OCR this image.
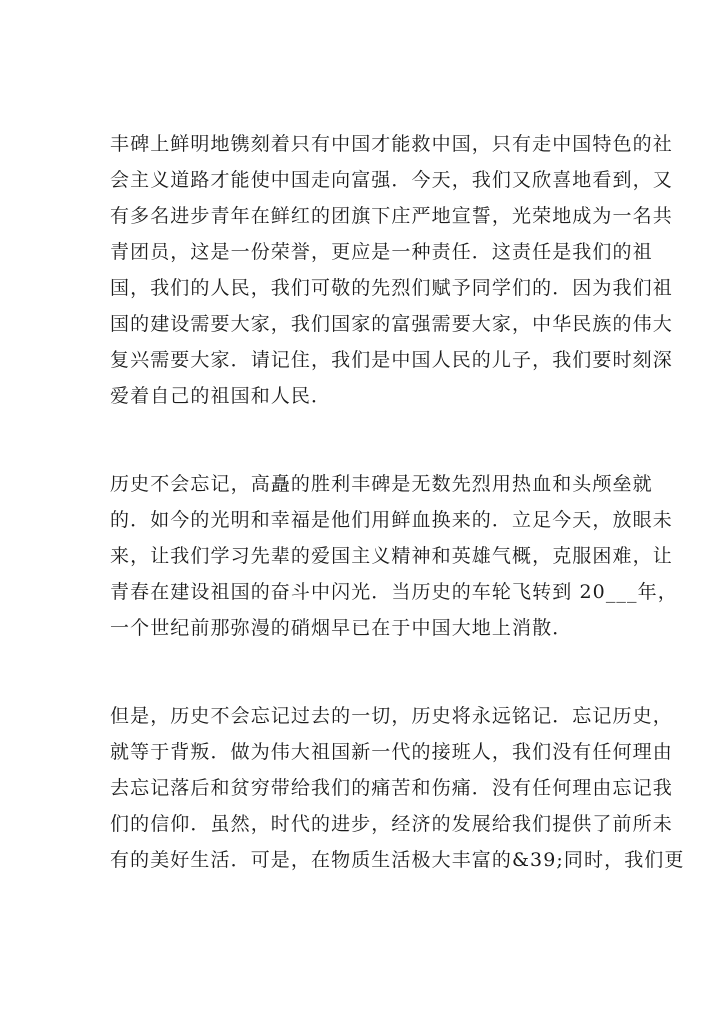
丰碑上鲜明地镌刻着只有中国才能救中国，只有走中国特色的社
会主义道路才能使中国走向富强．今天，我们又欣喜地看到，又
有多名进步青年在鲜红的团旗下庄严地宣誓，光荣地成为一名共
青团员，这是一份荣誉，更应是一种责任．这责任是我们的祖
国，我们的人民，我们可敬的先烈们赋予同学们的．因为我们祖
国的建设需要大家，我们国家的富强需要大家，中华民族的伟大
复兴需要大家．请记住，我们是中国人民的儿子，我们要时刻深
爱着自己的祖国和人民．
历史不会忘记，高矗的胜利丰碑是无数先烈用热血和头颅垒就
的．如今的光明和幸福是他们用鲜血换来的．立足今天，放眼未
来，让我们学习先辈的爱国主义精神和英雄气概，克服困难，让
青春在建设祖国的奋斗中闪光．当历史的车轮飞转到 20___年，
一个世纪前那弥漫的硝烟早已在于中国大地上消散．
但是，历史不会忘记过去的一切，历史将永远铭记．忘记历史，
就等于背叛．做为伟大祖国新一代的接班人，我们没有任何理由
去忘记落后和贫穷带给我们的痛苦和伤痛．没有任何理由忘记我
们的信仰．虽然，时代的进步，经济的发展给我们提供了前所未
有的美好生活．可是，在物质生活极大丰富的&39;同时，我们更
